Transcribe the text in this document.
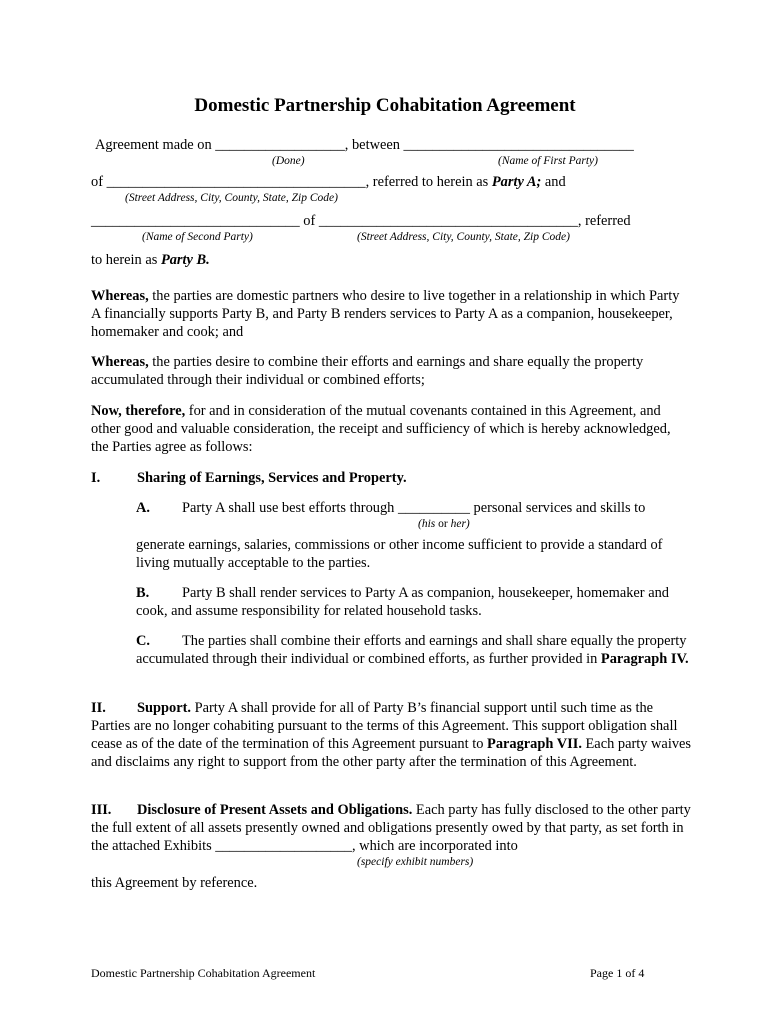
Domestic Partnership Cohabitation Agreement
Agreement made on __________________, between ________________________________
(Done)	(Name of First Party)
of ____________________________________, referred to herein as Party A; and
(Street Address, City, County, State, Zip Code)
_____________________________ of ____________________________________, referred
(Name of Second Party)	(Street Address, City, County, State, Zip Code)
to herein as Party B.
Whereas, the parties are domestic partners who desire to live together in a relationship in which Party A financially supports Party B, and Party B renders services to Party A as a companion, housekeeper, homemaker and cook; and
Whereas, the parties desire to combine their efforts and earnings and share equally the property accumulated through their individual or combined efforts;
Now, therefore, for and in consideration of the mutual covenants contained in this Agreement, and other good and valuable consideration, the receipt and sufficiency of which is hereby acknowledged, the Parties agree as follows:
I.	Sharing of Earnings, Services and Property.
A. Party A shall use best efforts through __________ personal services and skills to
(his or her)
generate earnings, salaries, commissions or other income sufficient to provide a standard of living mutually acceptable to the parties.
B. Party B shall render services to Party A as companion, housekeeper, homemaker and cook, and assume responsibility for related household tasks.
C. The parties shall combine their efforts and earnings and shall share equally the property accumulated through their individual or combined efforts, as further provided in Paragraph IV.
II. Support. Party A shall provide for all of Party B’s financial support until such time as the Parties are no longer cohabiting pursuant to the terms of this Agreement. This support obligation shall cease as of the date of the termination of this Agreement pursuant to Paragraph VII. Each party waives and disclaims any right to support from the other party after the termination of this Agreement.
III. Disclosure of Present Assets and Obligations. Each party has fully disclosed to the other party the full extent of all assets presently owned and obligations presently owed by that party, as set forth in the attached Exhibits ___________________, which are incorporated into
(specify exhibit numbers)
this Agreement by reference.
Domestic Partnership Cohabitation Agreement	Page 1 of 4
